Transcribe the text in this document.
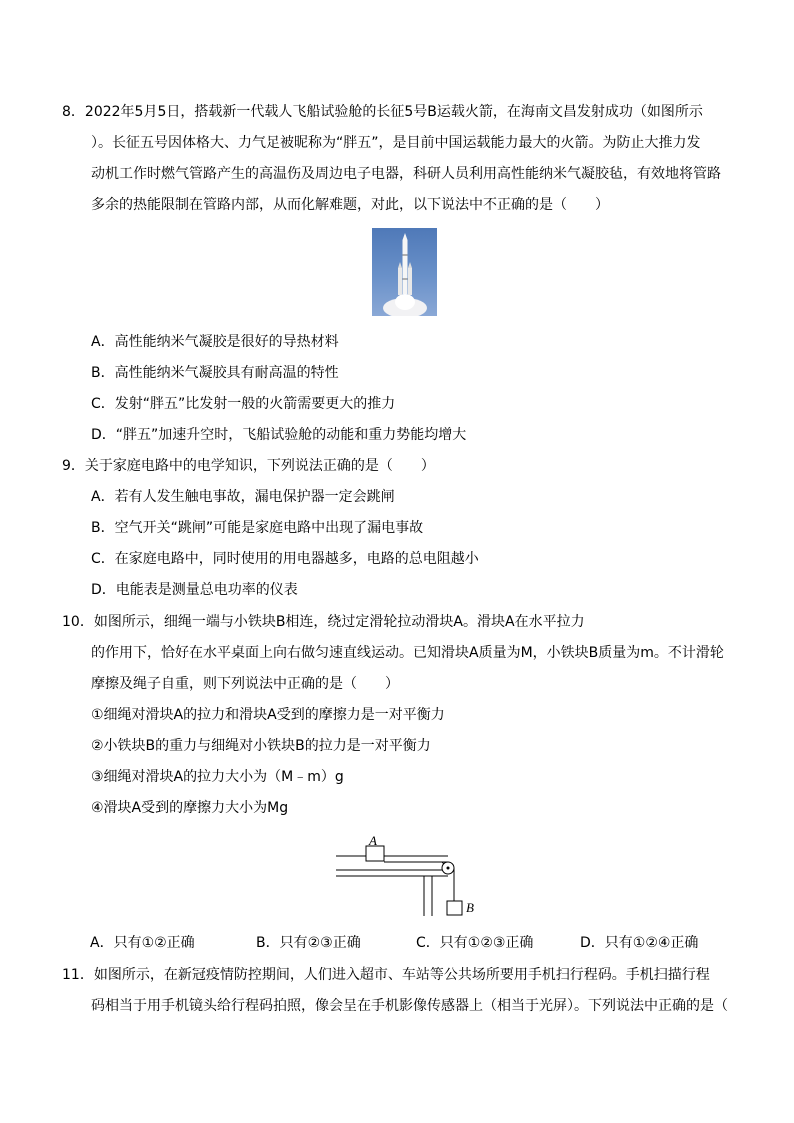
8．2022年5月5日，搭载新一代载人飞船试验舱的长征5号B运载火箭，在海南文昌发射成功（如图所示
）。长征五号因体格大、力气足被昵称为“胖五”，是目前中国运载能力最大的火箭。为防止大推力发
动机工作时燃气管路产生的高温伤及周边电子电器，科研人员利用高性能纳米气凝胶毡，有效地将管路
多余的热能限制在管路内部，从而化解难题，对此，以下说法中不正确的是（　　）
A．高性能纳米气凝胶是很好的导热材料
B．高性能纳米气凝胶具有耐高温的特性
C．发射“胖五”比发射一般的火箭需要更大的推力
D．“胖五”加速升空时，飞船试验舱的动能和重力势能均增大
9．关于家庭电路中的电学知识，下列说法正确的是（　　）
A．若有人发生触电事故，漏电保护器一定会跳闸
B．空气开关“跳闸”可能是家庭电路中出现了漏电事故
C．在家庭电路中，同时使用的用电器越多，电路的总电阻越小
D．电能表是测量总电功率的仪表
10．如图所示，细绳一端与小铁块B相连，绕过定滑轮拉动滑块A。滑块A在水平拉力
的作用下，恰好在水平桌面上向右做匀速直线运动。已知滑块A质量为M，小铁块B质量为m。不计滑轮
摩擦及绳子自重，则下列说法中正确的是（　　）
①细绳对滑块A的拉力和滑块A受到的摩擦力是一对平衡力
②小铁块B的重力与细绳对小铁块B的拉力是一对平衡力
③细绳对滑块A的拉力大小为（M﹣m）g
④滑块A受到的摩擦力大小为Mg
A
B
A．只有①②正确	B．只有②③正确	C．只有①②③正确	D．只有①②④正确
11．如图所示，在新冠疫情防控期间，人们进入超市、车站等公共场所要用手机扫行程码。手机扫描行程
码相当于用手机镜头给行程码拍照，像会呈在手机影像传感器上（相当于光屏）。下列说法中正确的是（
